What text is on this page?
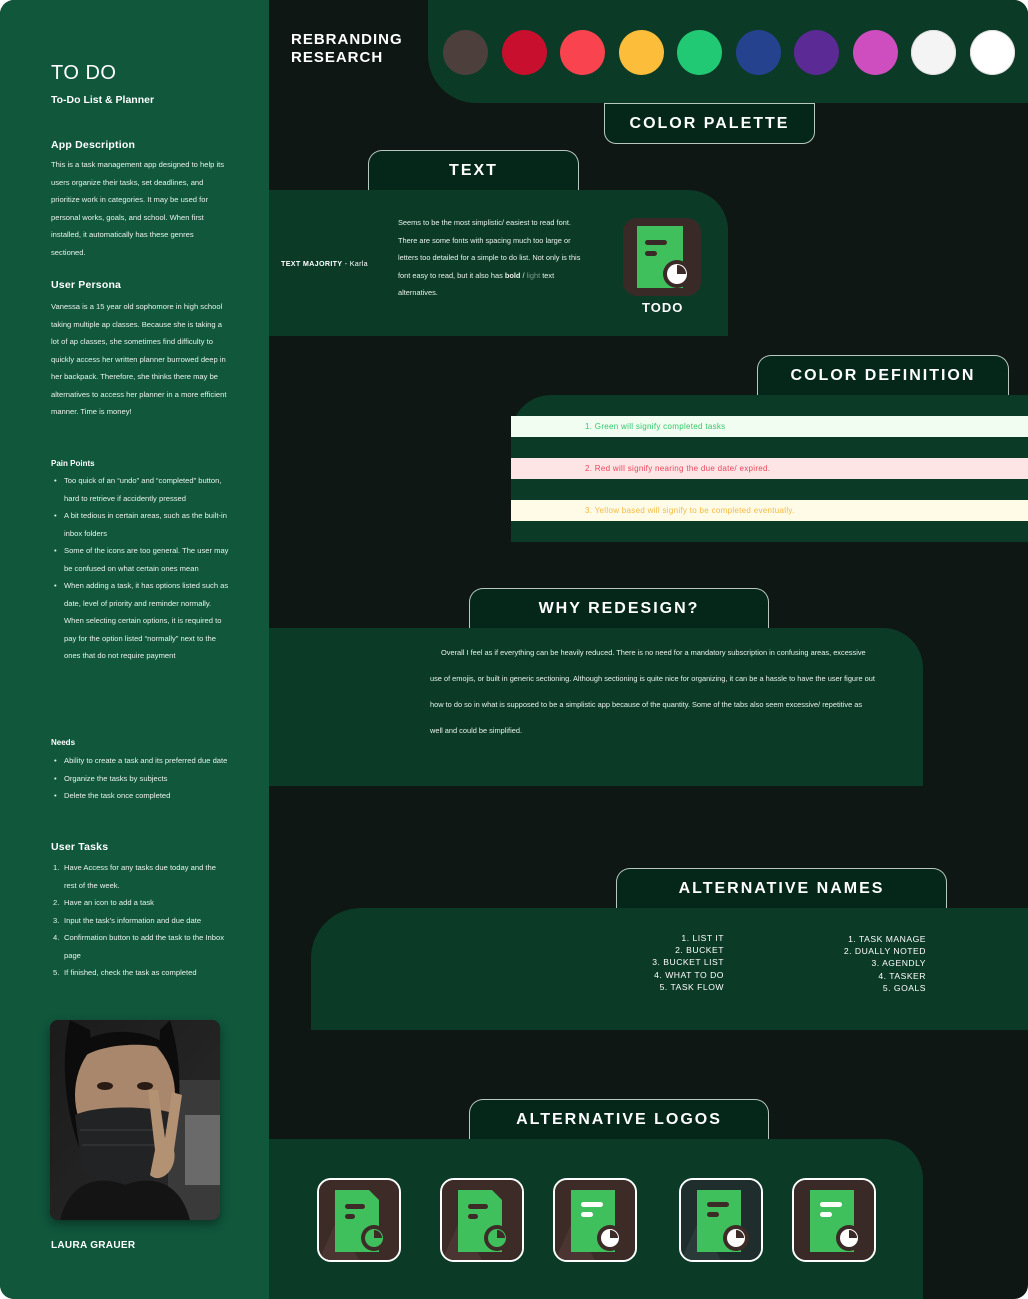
TO DO
To-Do List & Planner
App Description

This is a task management app designed to help its users organize their tasks, set deadlines, and prioritize work in categories. It may be used for personal works, goals, and school. When first installed, it automatically has these genres sectioned.

User Persona

Vanessa is a 15 year old sophomore in high school taking multiple ap classes. Because she is taking a lot of ap classes, she sometimes find difficulty to quickly access her written planner burrowed deep in her backpack. Therefore, she thinks there may be alternatives to access her planner in a more efficient manner. Time is money!

Pain Points
• Too quick of an “undo” and “completed” button, hard to retrieve if accidently pressed
• A bit tedious in certain areas, such as the built-in inbox folders
• Some of the icons are too general. The user may be confused on what certain ones mean
• When adding a task, it has options listed such as date, level of priority and reminder normally. When selecting certain options, it is required to pay for the option listed “normally” next to the ones that do not require payment
Needs
• Ability to create a task and its preferred due date
• Organize the tasks by subjects
• Delete the task once completed
User Tasks
1. Have Access for any tasks due today and the rest of the week.
2. Have an icon to add a task
3. Input the task’s information and due date
4. Confirmation button to add the task to the Inbox page
5. If finished, check the task as completed
LAURA GRAUER
REBRANDING
RESEARCH
COLOR PALETTE
TEXT
TEXT MAJORITY - Karla

Seems to be the most simplistic/ easiest to read font. There are some fonts with spacing much too large or letters too detailed for a simple to do list. Not only is this font easy to read, but it also has bold / light text alternatives.

TODO
COLOR DEFINITION
1. Green will signify completed tasks
2. Red will signify nearing the due date/ expired.
3. Yellow based will signify to be completed eventually.
WHY REDESIGN?

Overall I feel as if everything can be heavily reduced. There is no need for a mandatory subscription in confusing areas, excessive use of emojis, or built in generic sectioning. Although sectioning is quite nice for organizing, it can be a hassle to have the user figure out how to do so in what is supposed to be a simplistic app because of the quantity. Some of the tabs also seem excessive/ repetitive as well and could be simplified.

ALTERNATIVE NAMES
1. LIST IT
2. BUCKET
3. BUCKET LIST
4. WHAT TO DO
5. TASK FLOW
1. TASK MANAGE
2. DUALLY NOTED
3. AGENDLY
4. TASKER
5. GOALS
ALTERNATIVE LOGOS
